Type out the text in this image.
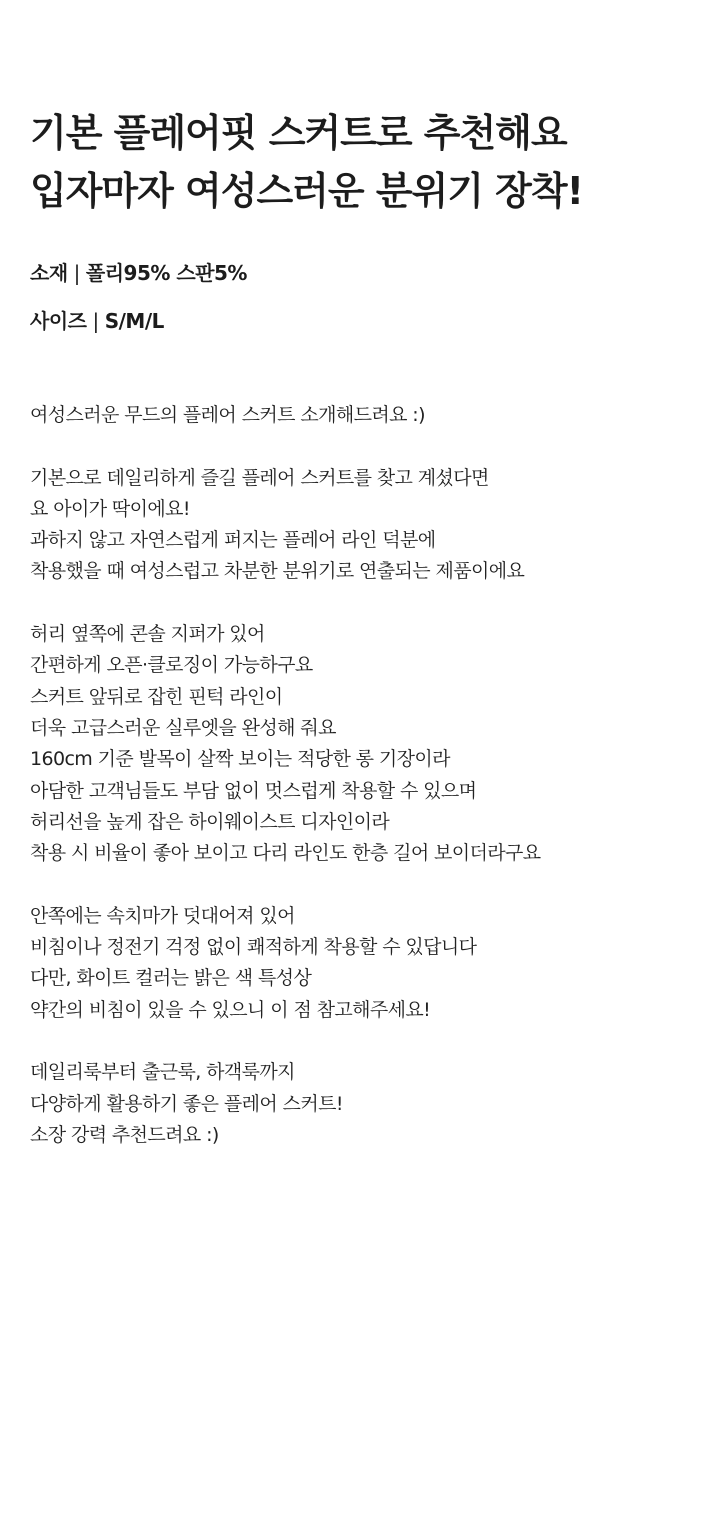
기본 플레어핏 스커트로 추천해요
입자마자 여성스러운 분위기 장착!
소재 | 폴리95% 스판5%
사이즈 | S/M/L

여성스러운 무드의 플레어 스커트 소개해드려요 :)

기본으로 데일리하게 즐길 플레어 스커트를 찾고 계셨다면
요 아이가 딱이에요!
과하지 않고 자연스럽게 퍼지는 플레어 라인 덕분에
착용했을 때 여성스럽고 차분한 분위기로 연출되는 제품이에요

허리 옆쪽에 콘솔 지퍼가 있어
간편하게 오픈·클로징이 가능하구요
스커트 앞뒤로 잡힌 핀턱 라인이
더욱 고급스러운 실루엣을 완성해 줘요
160cm 기준 발목이 살짝 보이는 적당한 롱 기장이라
아담한 고객님들도 부담 없이 멋스럽게 착용할 수 있으며
허리선을 높게 잡은 하이웨이스트 디자인이라
착용 시 비율이 좋아 보이고 다리 라인도 한층 길어 보이더라구요

안쪽에는 속치마가 덧대어져 있어
비침이나 정전기 걱정 없이 쾌적하게 착용할 수 있답니다
다만, 화이트 컬러는 밝은 색 특성상
약간의 비침이 있을 수 있으니 이 점 참고해주세요!

데일리룩부터 출근룩, 하객룩까지
다양하게 활용하기 좋은 플레어 스커트!
소장 강력 추천드려요 :)
